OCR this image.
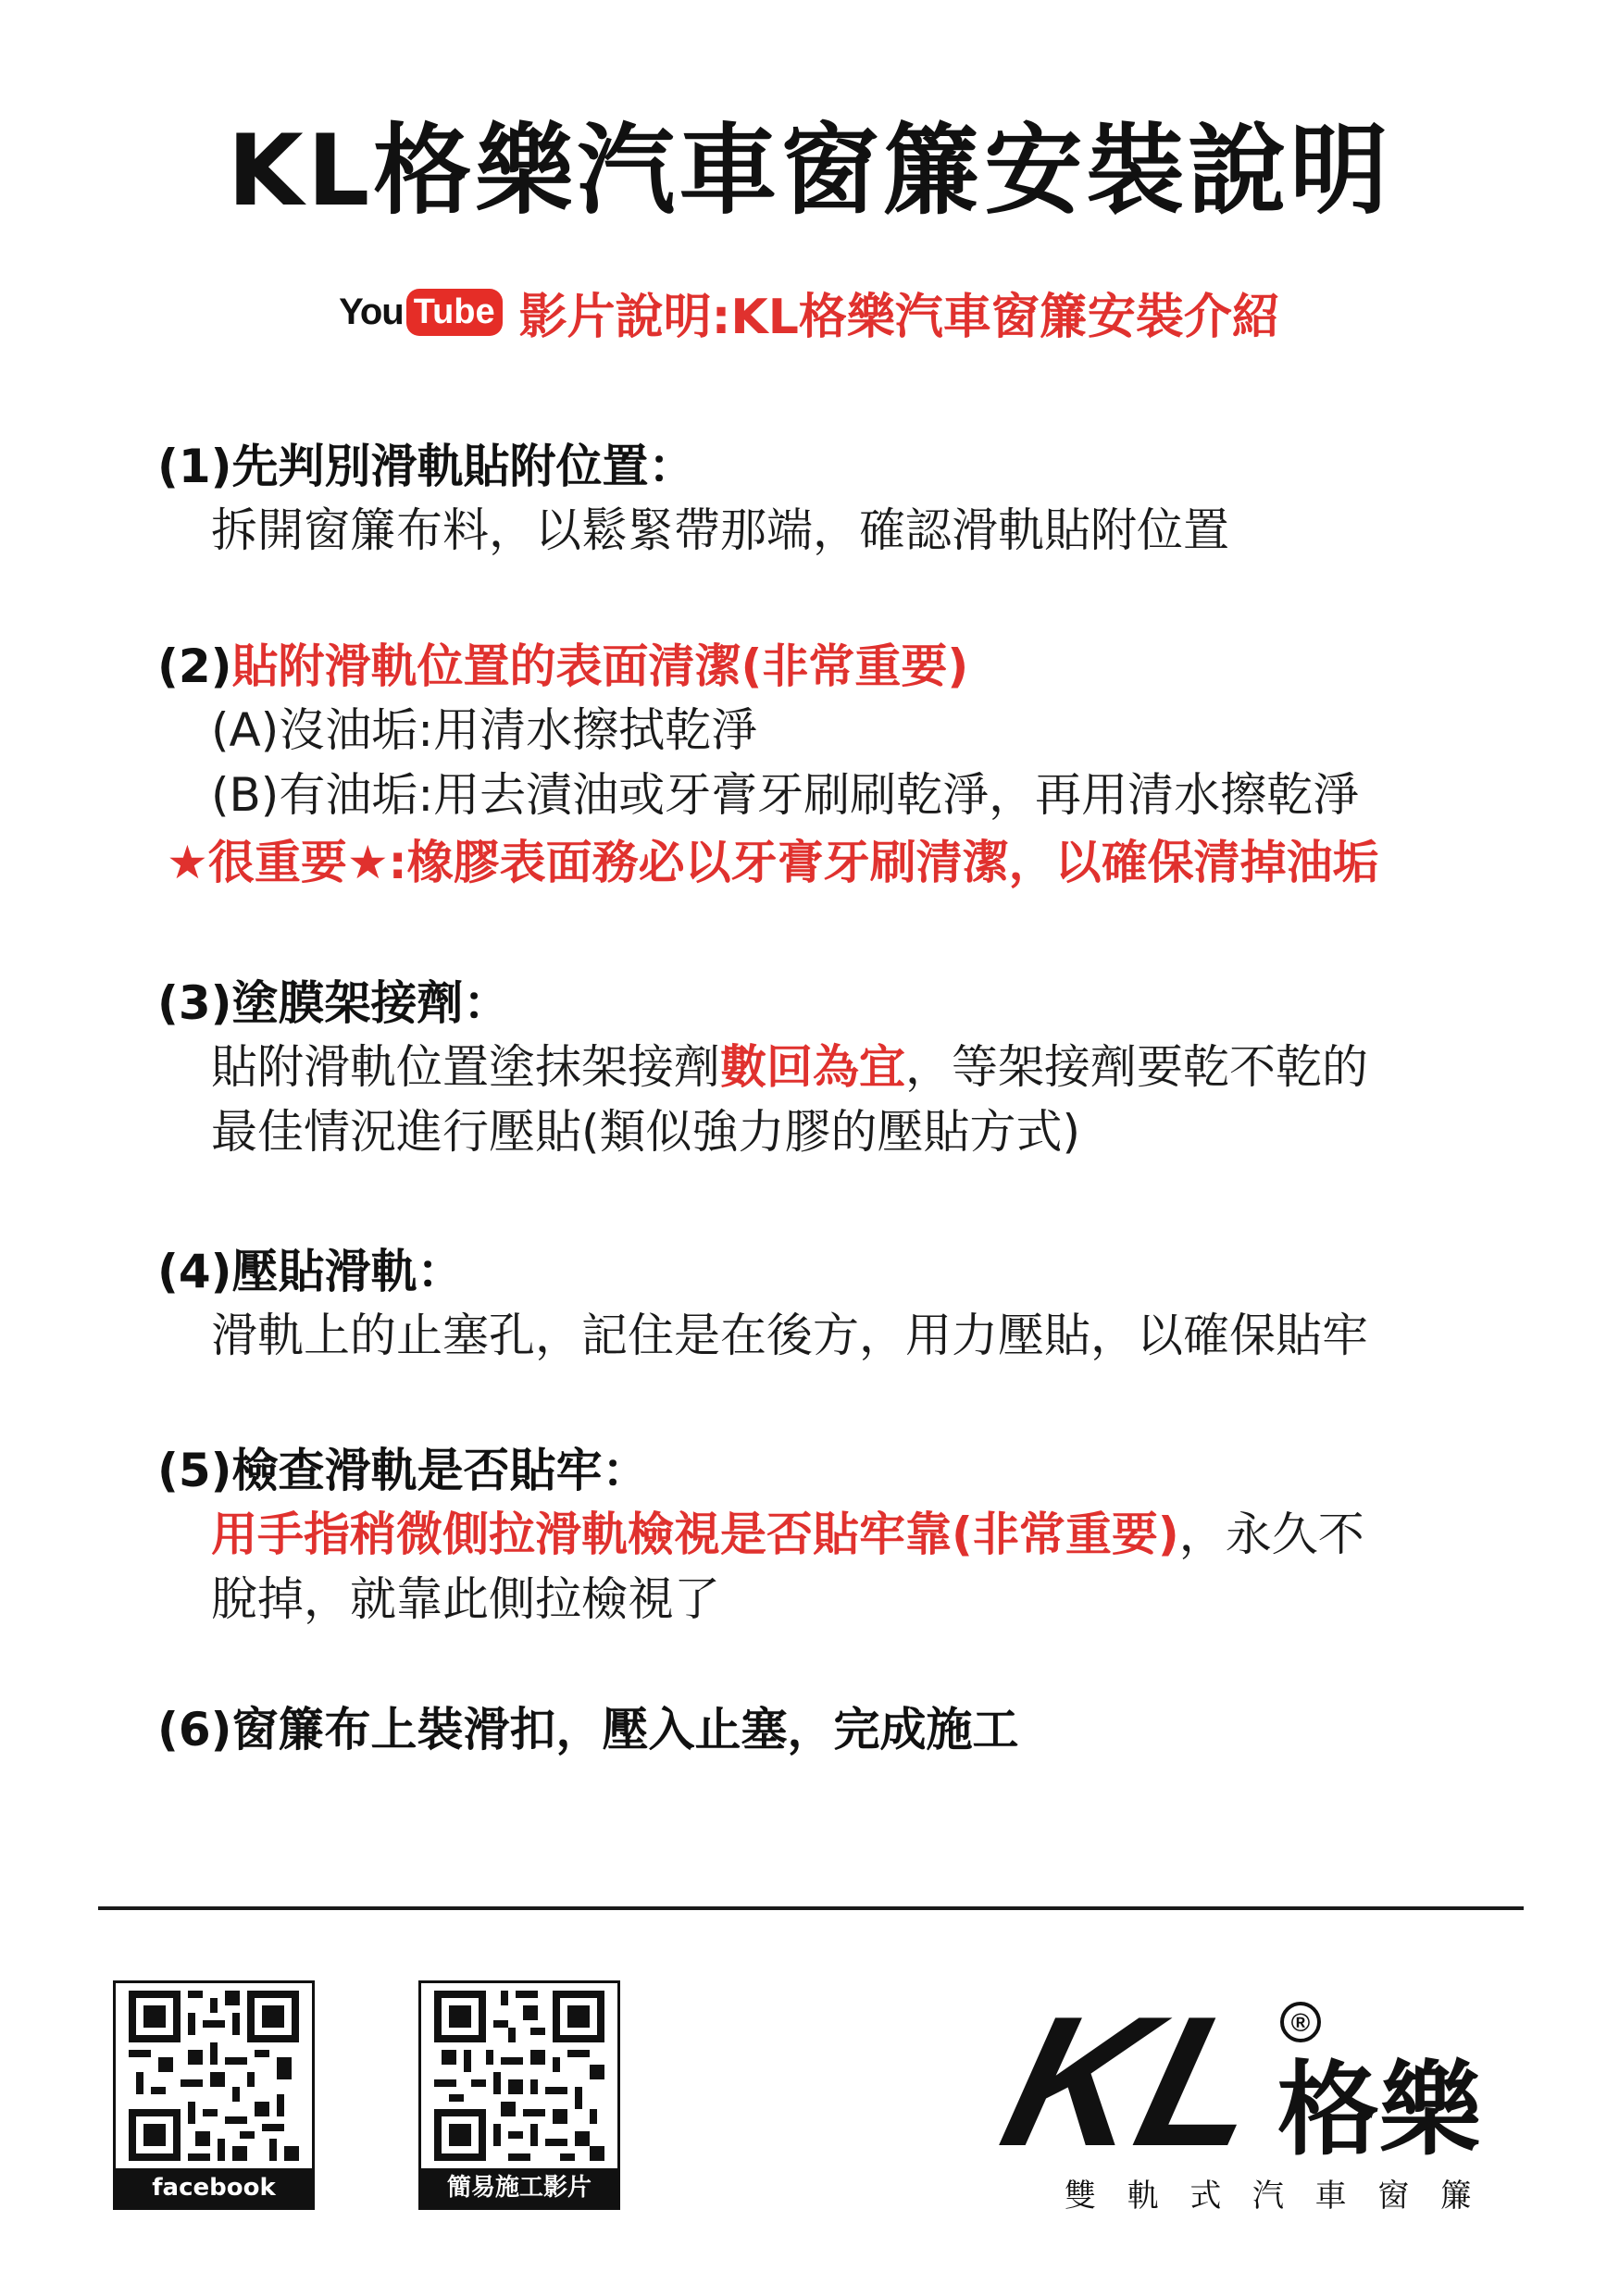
KL格樂汽車窗簾安裝說明
You Tube 影片說明:KL格樂汽車窗簾安裝介紹
(1)先判別滑軌貼附位置：
拆開窗簾布料，以鬆緊帶那端，確認滑軌貼附位置
(2)貼附滑軌位置的表面清潔(非常重要)
(A)沒油垢:用清水擦拭乾淨
(B)有油垢:用去漬油或牙膏牙刷刷乾淨，再用清水擦乾淨
★很重要★:橡膠表面務必以牙膏牙刷清潔，以確保清掉油垢
(3)塗膜架接劑：
貼附滑軌位置塗抹架接劑數回為宜，等架接劑要乾不乾的
最佳情況進行壓貼(類似強力膠的壓貼方式)
(4)壓貼滑軌：
滑軌上的止塞孔，記住是在後方，用力壓貼，以確保貼牢
(5)檢查滑軌是否貼牢：
用手指稍微側拉滑軌檢視是否貼牢靠(非常重要)，永久不
脫掉，就靠此側拉檢視了
(6)窗簾布上裝滑扣，壓入止塞，完成施工
facebook	簡易施工影片
KL ®
格樂
雙 軌 式 汽 車 窗 簾
